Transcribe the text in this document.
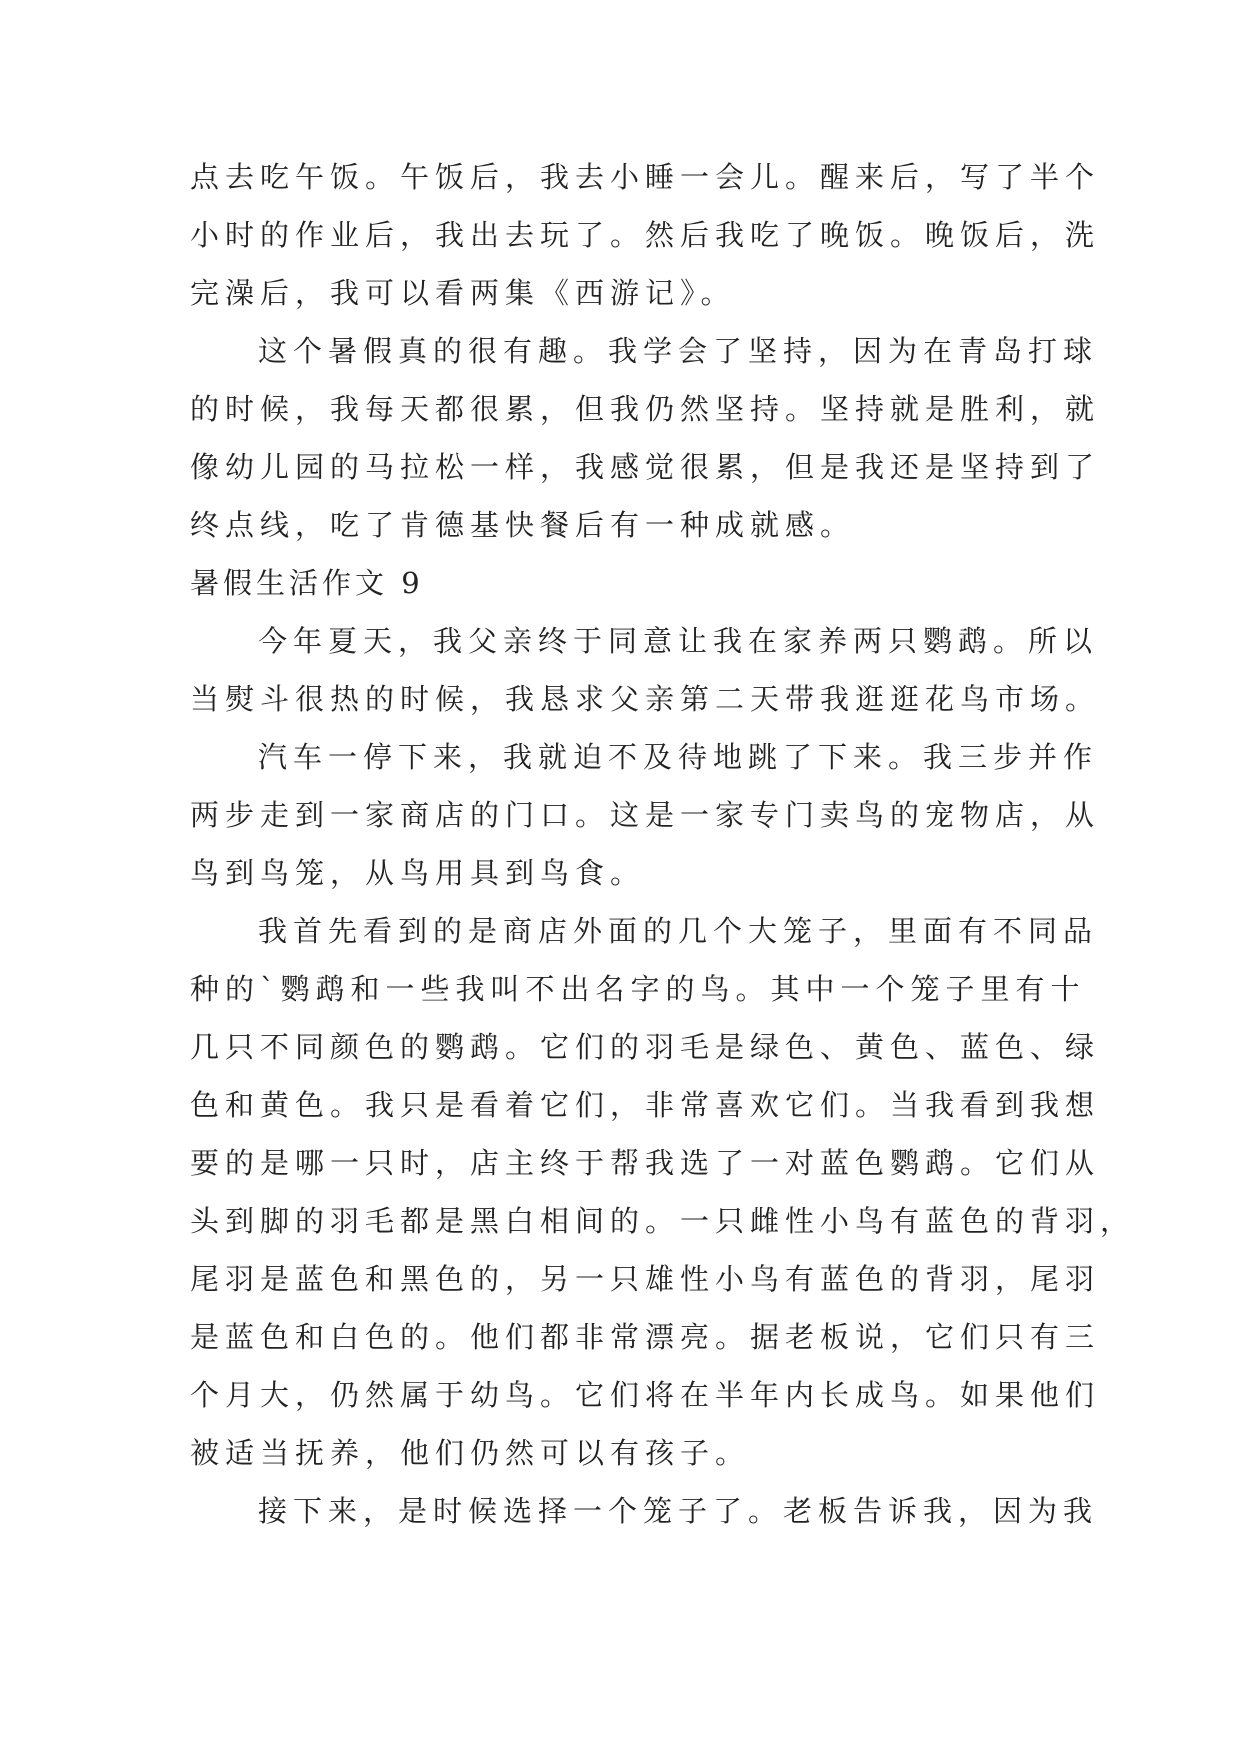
点去吃午饭。午饭后，我去小睡一会儿。醒来后，写了半个
小时的作业后，我出去玩了。然后我吃了晚饭。晚饭后，洗
完澡后，我可以看两集《西游记》。
这个暑假真的很有趣。我学会了坚持，因为在青岛打球
的时候，我每天都很累，但我仍然坚持。坚持就是胜利，就
像幼儿园的马拉松一样，我感觉很累，但是我还是坚持到了
终点线，吃了肯德基快餐后有一种成就感。
暑假生活作文 9
今年夏天，我父亲终于同意让我在家养两只鹦鹉。所以
当熨斗很热的时候，我恳求父亲第二天带我逛逛花鸟市场。
汽车一停下来，我就迫不及待地跳了下来。我三步并作
两步走到一家商店的门口。这是一家专门卖鸟的宠物店，从
鸟到鸟笼，从鸟用具到鸟食。
我首先看到的是商店外面的几个大笼子，里面有不同品
种的`鹦鹉和一些我叫不出名字的鸟。其中一个笼子里有十
几只不同颜色的鹦鹉。它们的羽毛是绿色、黄色、蓝色、绿
色和黄色。我只是看着它们，非常喜欢它们。当我看到我想
要的是哪一只时，店主终于帮我选了一对蓝色鹦鹉。它们从
头到脚的羽毛都是黑白相间的。一只雌性小鸟有蓝色的背羽，
尾羽是蓝色和黑色的，另一只雄性小鸟有蓝色的背羽，尾羽
是蓝色和白色的。他们都非常漂亮。据老板说，它们只有三
个月大，仍然属于幼鸟。它们将在半年内长成鸟。如果他们
被适当抚养，他们仍然可以有孩子。
接下来，是时候选择一个笼子了。老板告诉我，因为我
